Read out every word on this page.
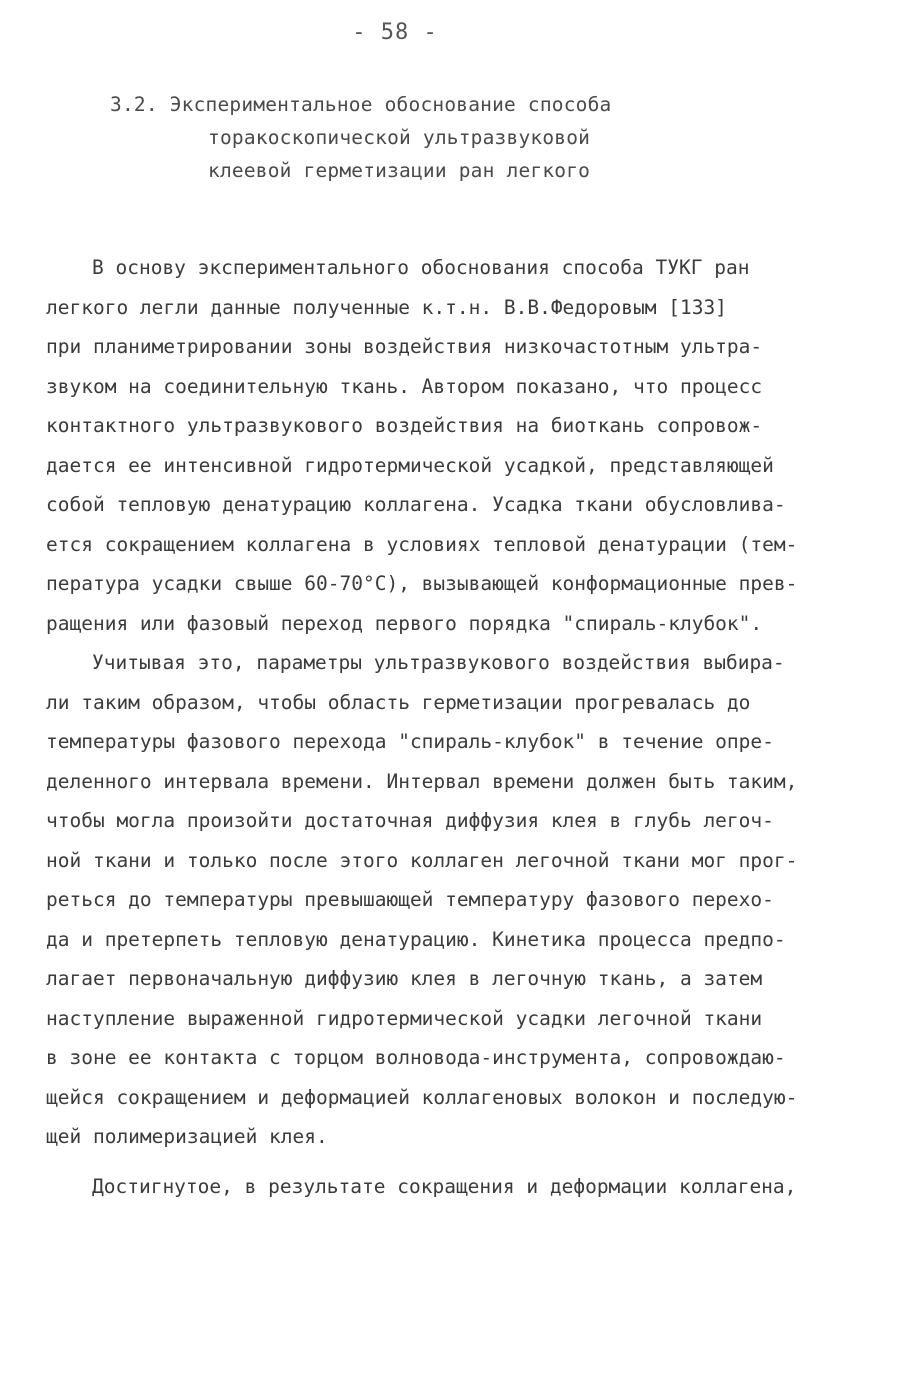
- 58 -
3.2. Экспериментальное обоснование способа
торакоскопической ультразвуковой
клеевой герметизации ран легкого
В основу экспериментального обоснования способа ТУКГ ран
легкого легли данные полученные к.т.н. В.В.Федоровым [133]
при планиметрировании зоны воздействия низкочастотным ультра-
звуком на соединительную ткань. Автором показано, что процесс
контактного ультразвукового воздействия на биоткань сопровож-
дается ее интенсивной гидротермической усадкой, представляющей
собой тепловую денатурацию коллагена. Усадка ткани обусловлива-
ется сокращением коллагена в условиях тепловой денатурации (тем-
пература усадки свыше 60-70°С), вызывающей конформационные прев-
ращения или фазовый переход первого порядка "спираль-клубок".
Учитывая это, параметры ультразвукового воздействия выбира-
ли таким образом, чтобы область герметизации прогревалась до
температуры фазового перехода "спираль-клубок" в течение опре-
деленного интервала времени. Интервал времени должен быть таким,
чтобы могла произойти достаточная диффузия клея в глубь легоч-
ной ткани и только после этого коллаген легочной ткани мог прог-
реться до температуры превышающей температуру фазового перехо-
да и претерпеть тепловую денатурацию. Кинетика процесса предпо-
лагает первоначальную диффузию клея в легочную ткань, а затем
наступление выраженной гидротермической усадки легочной ткани
в зоне ее контакта с торцом волновода-инструмента, сопровождаю-
щейся сокращением и деформацией коллагеновых волокон и последую-
щей полимеризацией клея.
Достигнутое, в результате сокращения и деформации коллагена,
